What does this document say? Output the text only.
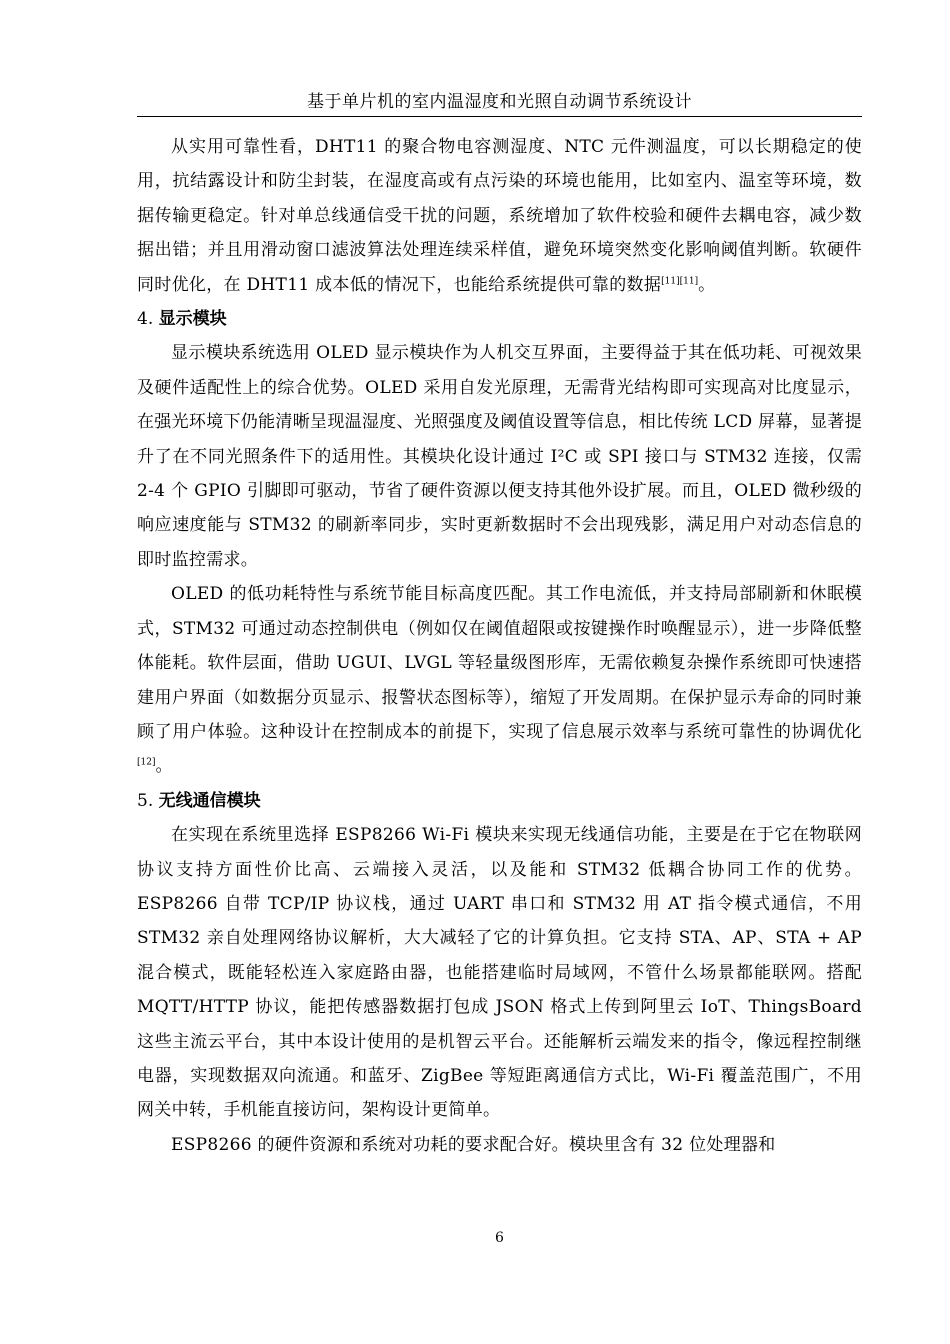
基于单片机的室内温湿度和光照自动调节系统设计

从实用可靠性看，DHT11 的聚合物电容测湿度、NTC 元件测温度，可以长期稳定的使用，抗结露设计和防尘封装，在湿度高或有点污染的环境也能用，比如室内、温室等环境，数据传输更稳定。针对单总线通信受干扰的问题，系统增加了软件校验和硬件去耦电容，减少数据出错；并且用滑动窗口滤波算法处理连续采样值，避免环境突然变化影响阈值判断。软硬件同时优化，在 DHT11 成本低的情况下，也能给系统提供可靠的数据[11][11]。

4. 显示模块

显示模块系统选用 OLED 显示模块作为人机交互界面，主要得益于其在低功耗、可视效果及硬件适配性上的综合优势。OLED 采用自发光原理，无需背光结构即可实现高对比度显示，在强光环境下仍能清晰呈现温湿度、光照强度及阈值设置等信息，相比传统 LCD 屏幕，显著提升了在不同光照条件下的适用性。其模块化设计通过 I²C 或 SPI 接口与 STM32 连接，仅需 2-4 个 GPIO 引脚即可驱动，节省了硬件资源以便支持其他外设扩展。而且，OLED 微秒级的响应速度能与 STM32 的刷新率同步，实时更新数据时不会出现残影，满足用户对动态信息的即时监控需求。

OLED 的低功耗特性与系统节能目标高度匹配。其工作电流低，并支持局部刷新和休眠模式，STM32 可通过动态控制供电（例如仅在阈值超限或按键操作时唤醒显示），进一步降低整体能耗。软件层面，借助 UGUI、LVGL 等轻量级图形库，无需依赖复杂操作系统即可快速搭建用户界面（如数据分页显示、报警状态图标等），缩短了开发周期。在保护显示寿命的同时兼顾了用户体验。这种设计在控制成本的前提下，实现了信息展示效率与系统可靠性的协调优化[12]。

5. 无线通信模块

在实现在系统里选择 ESP8266 Wi-Fi 模块来实现无线通信功能，主要是在于它在物联网协议支持方面性价比高、云端接入灵活，以及能和 STM32 低耦合协同工作的优势。ESP8266 自带 TCP/IP 协议栈，通过 UART 串口和 STM32 用 AT 指令模式通信，不用 STM32 亲自处理网络协议解析，大大减轻了它的计算负担。它支持 STA、AP、STA + AP 混合模式，既能轻松连入家庭路由器，也能搭建临时局域网，不管什么场景都能联网。搭配 MQTT/HTTP 协议，能把传感器数据打包成 JSON 格式上传到阿里云 IoT、ThingsBoard 这些主流云平台，其中本设计使用的是机智云平台。还能解析云端发来的指令，像远程控制继电器，实现数据双向流通。和蓝牙、ZigBee 等短距离通信方式比，Wi-Fi 覆盖范围广，不用网关中转，手机能直接访问，架构设计更简单。

ESP8266 的硬件资源和系统对功耗的要求配合好。模块里含有 32 位处理器和

6
